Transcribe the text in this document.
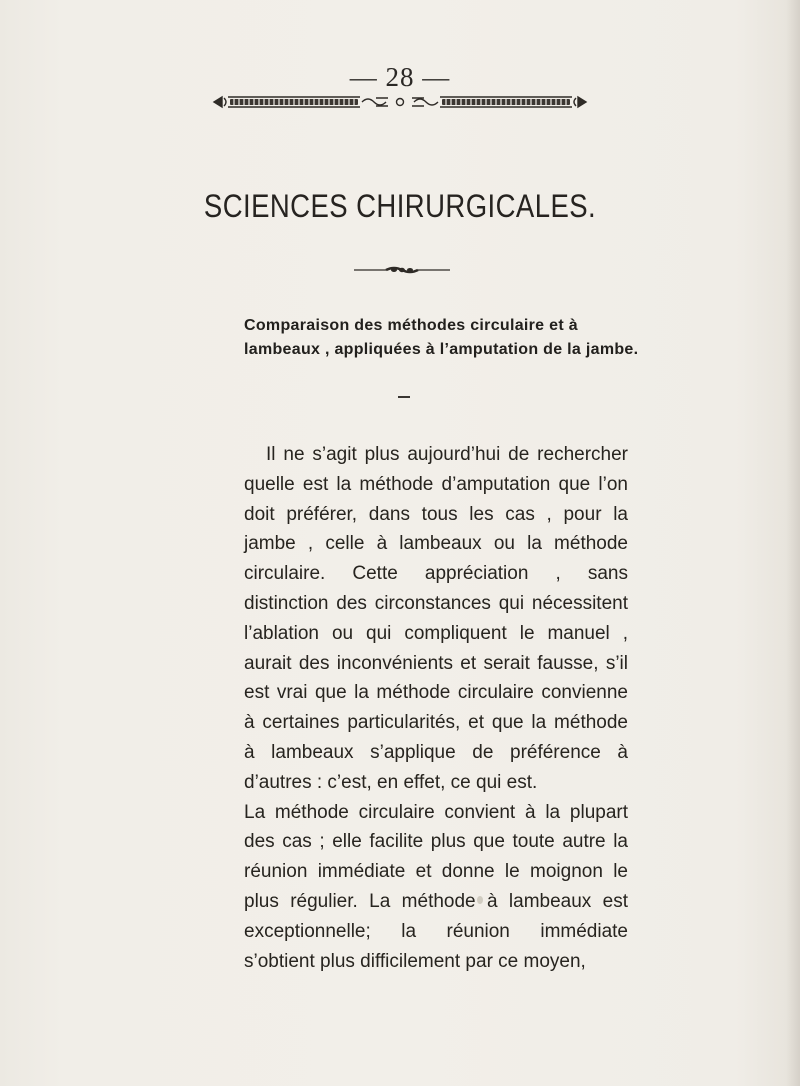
— 28 —
SCIENCES CHIRURGICALES.
Comparaison des méthodes circulaire et à lambeaux , appliquées à l’amputation de la jambe.

Il ne s’agit plus aujourd’hui de rechercher quelle est la méthode d’amputation que l’on doit préférer, dans tous les cas , pour la jambe , celle à lambeaux ou la méthode circulaire. Cette appréciation , sans distinction des circonstances qui nécessitent l’ablation ou qui compliquent le manuel , aurait des inconvénients et serait fausse, s’il est vrai que la méthode circulaire convienne à certaines particularités, et que la méthode à lambeaux s’applique de préférence à d’autres : c’est, en effet, ce qui est.

La méthode circulaire convient à la plupart des cas ; elle facilite plus que toute autre la réunion immédiate et donne le moignon le plus régulier. La méthode à lambeaux est exceptionnelle; la réunion immédiate s’obtient plus difficilement par ce moyen,
